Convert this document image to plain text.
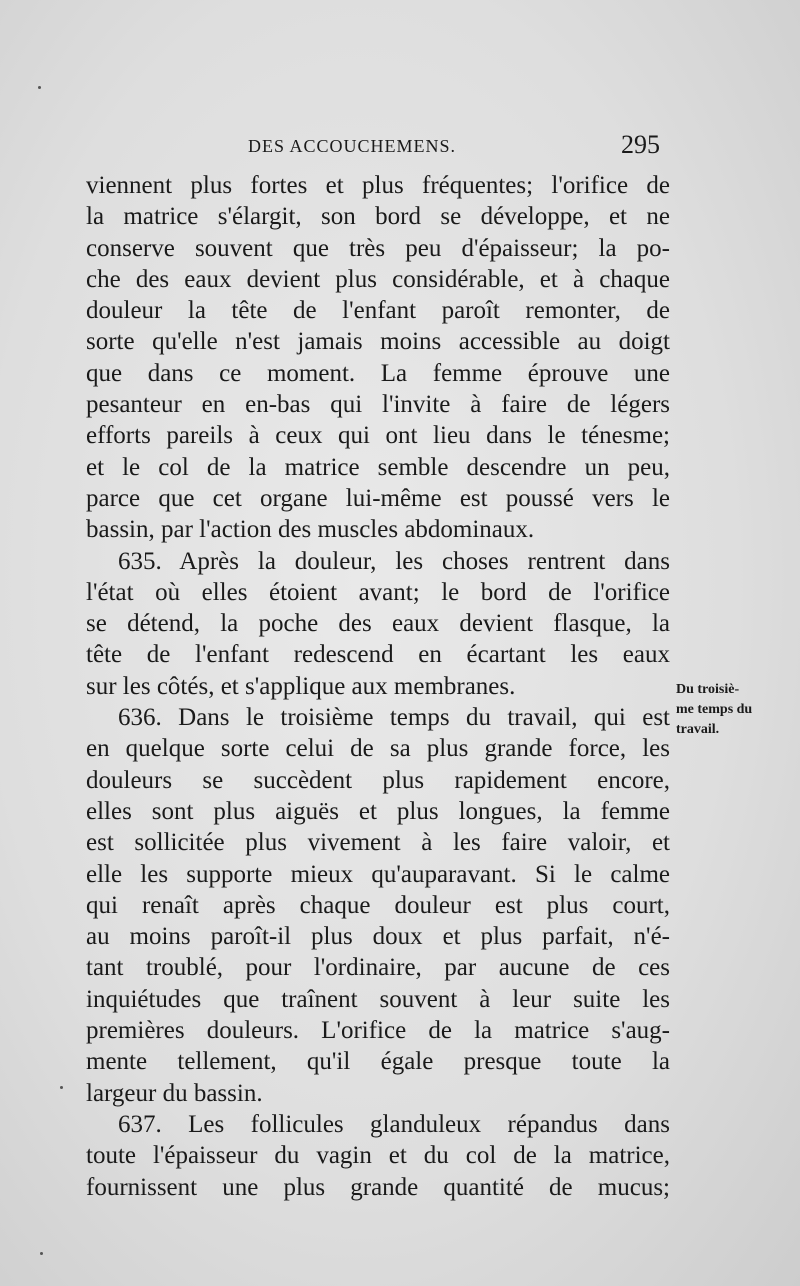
DES ACCOUCHEMENS.	295
viennent plus fortes et plus fréquentes; l'orifice de
la matrice s'élargit, son bord se développe, et ne
conserve souvent que très peu d'épaisseur; la po-
che des eaux devient plus considérable, et à chaque
douleur la tête de l'enfant paroît remonter, de
sorte qu'elle n'est jamais moins accessible au doigt
que dans ce moment. La femme éprouve une
pesanteur en en-bas qui l'invite à faire de légers
efforts pareils à ceux qui ont lieu dans le ténesme;
et le col de la matrice semble descendre un peu,
parce que cet organe lui-même est poussé vers le
bassin, par l'action des muscles abdominaux.
635. Après la douleur, les choses rentrent dans
l'état où elles étoient avant; le bord de l'orifice
se détend, la poche des eaux devient flasque, la
tête de l'enfant redescend en écartant les eaux
sur les côtés, et s'applique aux membranes.
636. Dans le troisième temps du travail, qui est
en quelque sorte celui de sa plus grande force, les
douleurs se succèdent plus rapidement encore,
elles sont plus aiguës et plus longues, la femme
est sollicitée plus vivement à les faire valoir, et
elle les supporte mieux qu'auparavant. Si le calme
qui renaît après chaque douleur est plus court,
au moins paroît-il plus doux et plus parfait, n'é-
tant troublé, pour l'ordinaire, par aucune de ces
inquiétudes que traînent souvent à leur suite les
premières douleurs. L'orifice de la matrice s'aug-
mente tellement, qu'il égale presque toute la
largeur du bassin.
637. Les follicules glanduleux répandus dans
toute l'épaisseur du vagin et du col de la matrice,
fournissent une plus grande quantité de mucus;
Du troisiè-
me temps du
travail.
